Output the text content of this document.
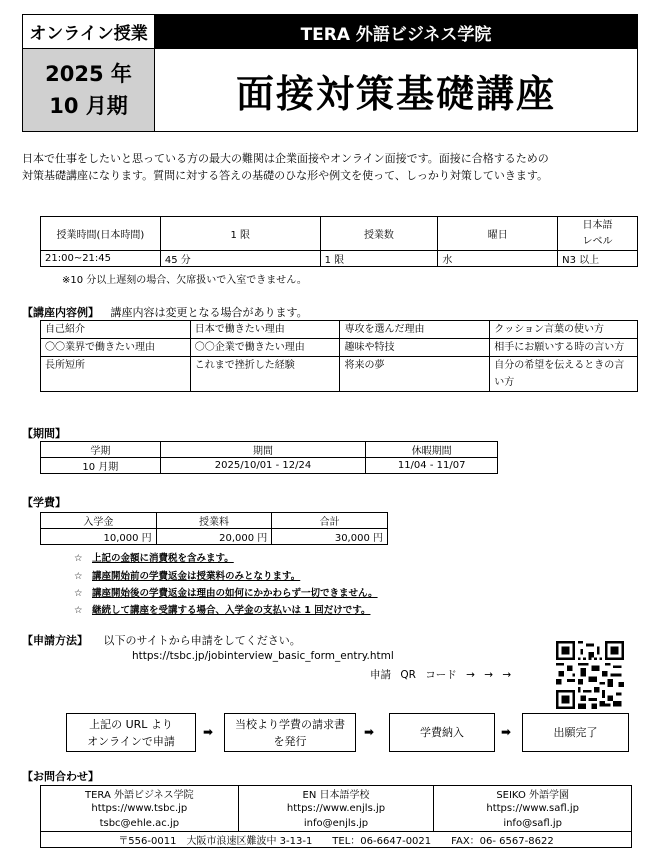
オンライン授業	TERA 外語ビジネス学院
2025 年
10 月期	面接対策基礎講座
日本で仕事をしたいと思っている方の最大の難関は企業面接やオンライン面接です。面接に合格するための
対策基礎講座になります。質問に対する答えの基礎のひな形や例文を使って、しっかり対策していきます。
授業時間(日本時間)	1 限	授業数	曜日	日本語
レベル
21:00~21:45	45 分	1 限	水	N3 以上
※10 分以上遅刻の場合、欠席扱いで入室できません。
【講座内容例】 講座内容は変更となる場合があります。
自己紹介	日本で働きたい理由	専攻を選んだ理由	クッション言葉の使い方
〇〇業界で働きたい理由	〇〇企業で働きたい理由	趣味や特技	相手にお願いする時の言い方
長所短所	これまで挫折した経験	将来の夢	自分の希望を伝えるときの言い方
【期間】
学期	期間	休暇期間
10 月期	2025/10/01 - 12/24	11/04 - 11/07
【学費】
入学金	授業料	合計
10,000 円	20,000 円	30,000 円
☆ 上記の金額に消費税を含みます。
☆ 講座開始前の学費返金は授業料のみとなります。
☆ 講座開始後の学費返金は理由の如何にかかわらず一切できません。
☆ 継続して講座を受講する場合、入学金の支払いは 1 回だけです。
【申請方法】 以下のサイトから申請をしてください。
https://tsbc.jp/jobinterview_basic_form_entry.html
申請 QR コード → → →
上記の URL より
オンラインで申請
➡
当校より学費の請求書
を発行
➡	学費納入	➡	出願完了
【お問合わせ】
TERA 外語ビジネス学院	EN 日本語学校	SEIKO 外語学園
https://www.tsbc.jp	https://www.enjls.jp	https://www.safl.jp
tsbc@ehle.ac.jp	info@enjls.jp	info@safl.jp
〒556-0011　大阪市浪速区難波中 3-13-1　　TEL：06-6647-0021　　FAX：06- 6567-8622		
